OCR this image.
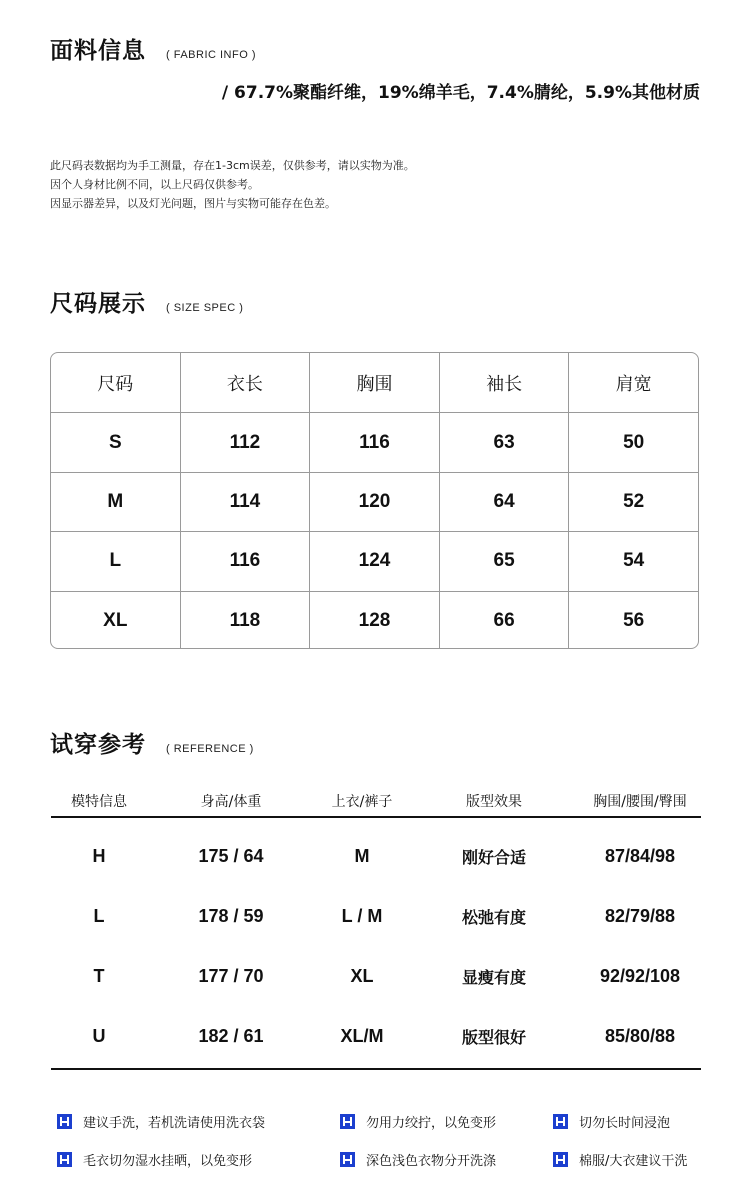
面料信息 ( FABRIC INFO )
/ 67.7%聚酯纤维，19%绵羊毛，7.4%腈纶，5.9%其他材质
此尺码表数据均为手工测量，存在1-3cm误差，仅供参考，请以实物为准。
因个人身材比例不同，以上尺码仅供参考。
因显示器差异，以及灯光问题，图片与实物可能存在色差。
尺码展示 ( SIZE SPEC )
尺码	衣长	胸围	袖长	肩宽
S	112	116	63	50
M	114	120	64	52
L	116	124	65	54
XL	118	128	66	56
试穿参考 ( REFERENCE )
模特信息	身高/体重	上衣/裤子	版型效果	胸围/腰围/臀围
H	175 / 64	M	刚好合适	87/84/98
L	178 / 59	L / M	松弛有度	82/79/88
T	177 / 70	XL	显瘦有度	92/92/108
U	182 / 61	XL/M	版型很好	85/80/88
建议手洗，若机洗请使用洗衣袋	勿用力绞拧，以免变形	切勿长时间浸泡
毛衣切勿湿水挂晒，以免变形	深色浅色衣物分开洗涤	棉服/大衣建议干洗
